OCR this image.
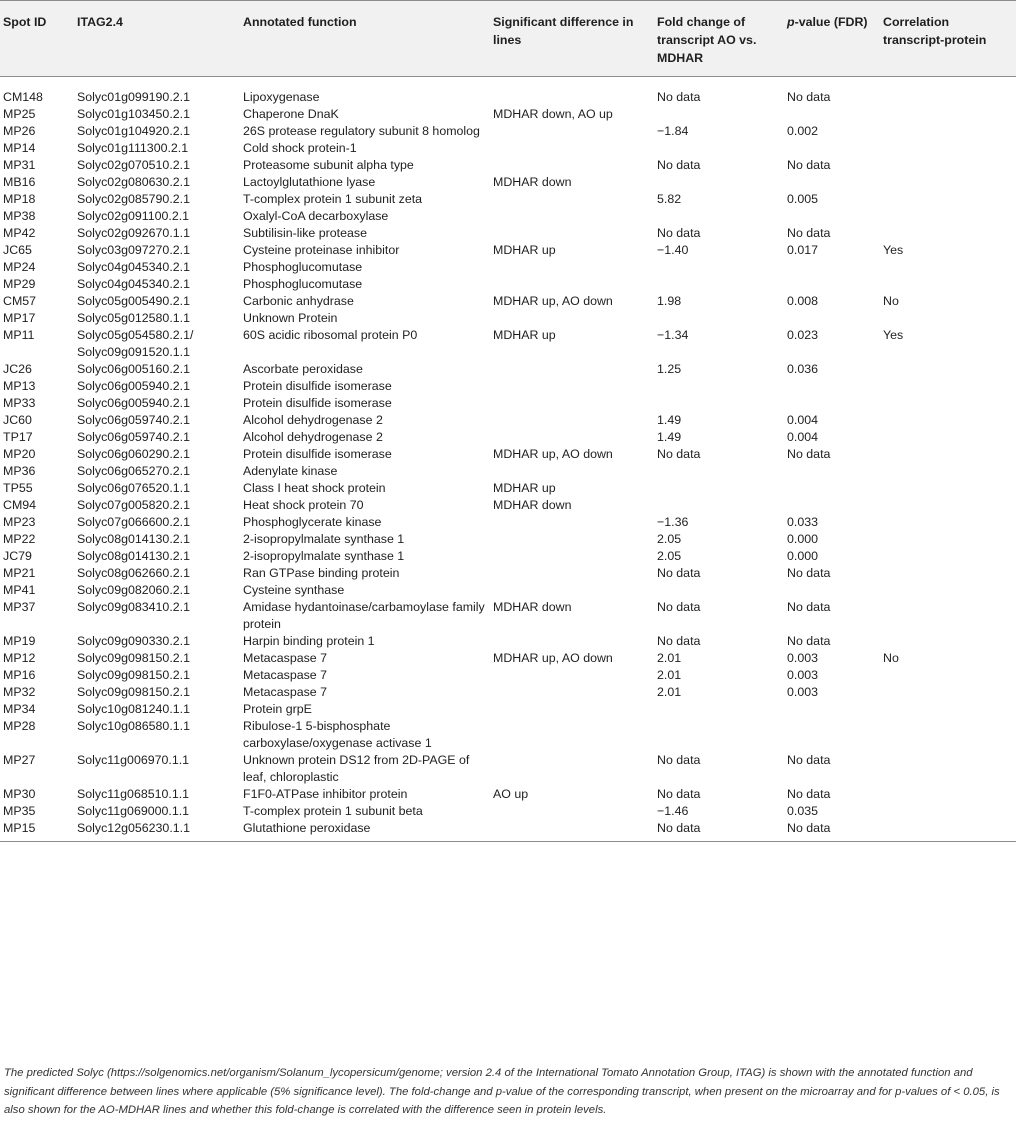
Spot ID	ITAG2.4	Annotated function	Significant difference in lines	Fold change of transcript AO vs. MDHAR	p-value (FDR)	Correlation transcript-protein
CM148	Solyc01g099190.2.1	Lipoxygenase		No data	No data	
MP25	Solyc01g103450.2.1	Chaperone DnaK	MDHAR down, AO up			
MP26	Solyc01g104920.2.1	26S protease regulatory subunit 8 homolog		−1.84	0.002	
MP14	Solyc01g111300.2.1	Cold shock protein-1				
MP31	Solyc02g070510.2.1	Proteasome subunit alpha type		No data	No data	
MB16	Solyc02g080630.2.1	Lactoylglutathione lyase	MDHAR down			
MP18	Solyc02g085790.2.1	T-complex protein 1 subunit zeta		5.82	0.005	
MP38	Solyc02g091100.2.1	Oxalyl-CoA decarboxylase				
MP42	Solyc02g092670.1.1	Subtilisin-like protease		No data	No data	
JC65	Solyc03g097270.2.1	Cysteine proteinase inhibitor	MDHAR up	−1.40	0.017	Yes
MP24	Solyc04g045340.2.1	Phosphoglucomutase				
MP29	Solyc04g045340.2.1	Phosphoglucomutase				
CM57	Solyc05g005490.2.1	Carbonic anhydrase	MDHAR up, AO down	1.98	0.008	No
MP17	Solyc05g012580.1.1	Unknown Protein				
MP11	Solyc05g054580.2.1/ Solyc09g091520.1.1	60S acidic ribosomal protein P0	MDHAR up	−1.34	0.023	Yes
JC26	Solyc06g005160.2.1	Ascorbate peroxidase		1.25	0.036	
MP13	Solyc06g005940.2.1	Protein disulfide isomerase				
MP33	Solyc06g005940.2.1	Protein disulfide isomerase				
JC60	Solyc06g059740.2.1	Alcohol dehydrogenase 2		1.49	0.004	
TP17	Solyc06g059740.2.1	Alcohol dehydrogenase 2		1.49	0.004	
MP20	Solyc06g060290.2.1	Protein disulfide isomerase	MDHAR up, AO down	No data	No data	
MP36	Solyc06g065270.2.1	Adenylate kinase				
TP55	Solyc06g076520.1.1	Class I heat shock protein	MDHAR up			
CM94	Solyc07g005820.2.1	Heat shock protein 70	MDHAR down			
MP23	Solyc07g066600.2.1	Phosphoglycerate kinase		−1.36	0.033	
MP22	Solyc08g014130.2.1	2-isopropylmalate synthase 1		2.05	0.000	
JC79	Solyc08g014130.2.1	2-isopropylmalate synthase 1		2.05	0.000	
MP21	Solyc08g062660.2.1	Ran GTPase binding protein		No data	No data	
MP41	Solyc09g082060.2.1	Cysteine synthase				
MP37	Solyc09g083410.2.1	Amidase hydantoinase/carbamoylase family protein	MDHAR down	No data	No data	
MP19	Solyc09g090330.2.1	Harpin binding protein 1		No data	No data	
MP12	Solyc09g098150.2.1	Metacaspase 7	MDHAR up, AO down	2.01	0.003	No
MP16	Solyc09g098150.2.1	Metacaspase 7		2.01	0.003	
MP32	Solyc09g098150.2.1	Metacaspase 7		2.01	0.003	
MP34	Solyc10g081240.1.1	Protein grpE				
MP28	Solyc10g086580.1.1	Ribulose-1 5-bisphosphate carboxylase/oxygenase activase 1				
MP27	Solyc11g006970.1.1	Unknown protein DS12 from 2D-PAGE of leaf, chloroplastic		No data	No data	
MP30	Solyc11g068510.1.1	F1F0-ATPase inhibitor protein	AO up	No data	No data	
MP35	Solyc11g069000.1.1	T-complex protein 1 subunit beta		−1.46	0.035	
MP15	Solyc12g056230.1.1	Glutathione peroxidase		No data	No data	
The predicted Solyc (https://solgenomics.net/organism/Solanum_lycopersicum/genome; version 2.4 of the International Tomato Annotation Group, ITAG) is shown with the annotated function and significant difference between lines where applicable (5% significance level). The fold-change and p-value of the corresponding transcript, when present on the microarray and for p-values of < 0.05, is also shown for the AO-MDHAR lines and whether this fold-change is correlated with the difference seen in protein levels.
